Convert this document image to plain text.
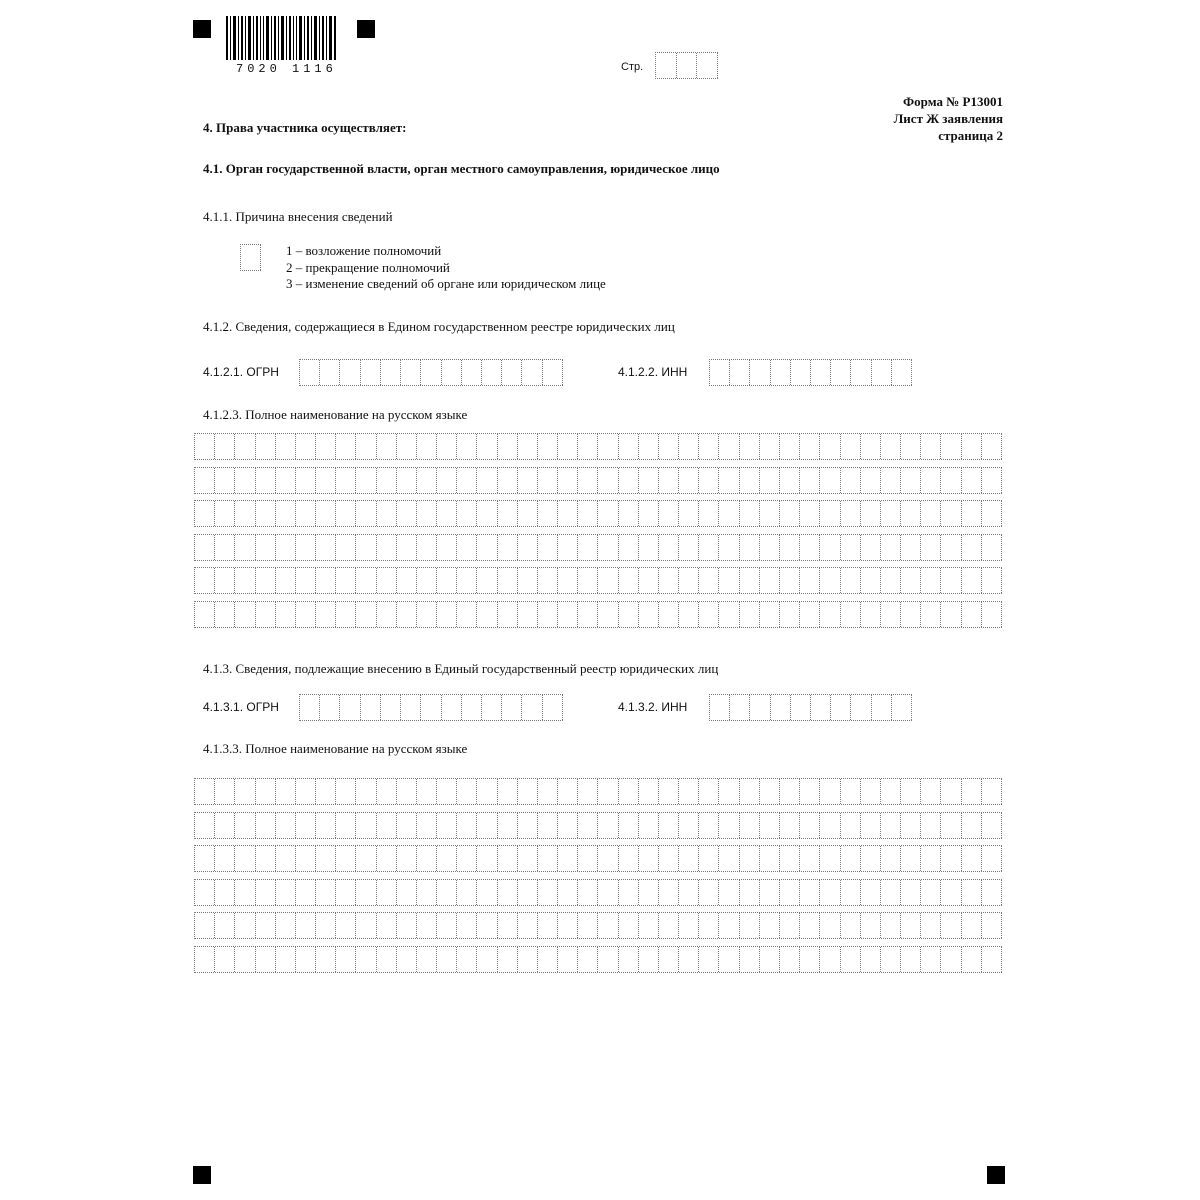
7020 1116	Стр.
Форма № Р13001
Лист Ж заявления
страница 2
4. Права участника осуществляет:
4.1. Орган государственной власти, орган местного самоуправления, юридическое лицо
4.1.1. Причина внесения сведений
1 – возложение полномочий
2 – прекращение полномочий
3 – изменение сведений об органе или юридическом лице
4.1.2. Сведения, содержащиеся в Едином государственном реестре юридических лиц
4.1.2.1. ОГРН	4.1.2.2. ИНН
4.1.2.3. Полное наименование на русском языке
4.1.3. Сведения, подлежащие внесению в Единый государственный реестр юридических лиц
4.1.3.1. ОГРН	4.1.3.2. ИНН
4.1.3.3. Полное наименование на русском языке
